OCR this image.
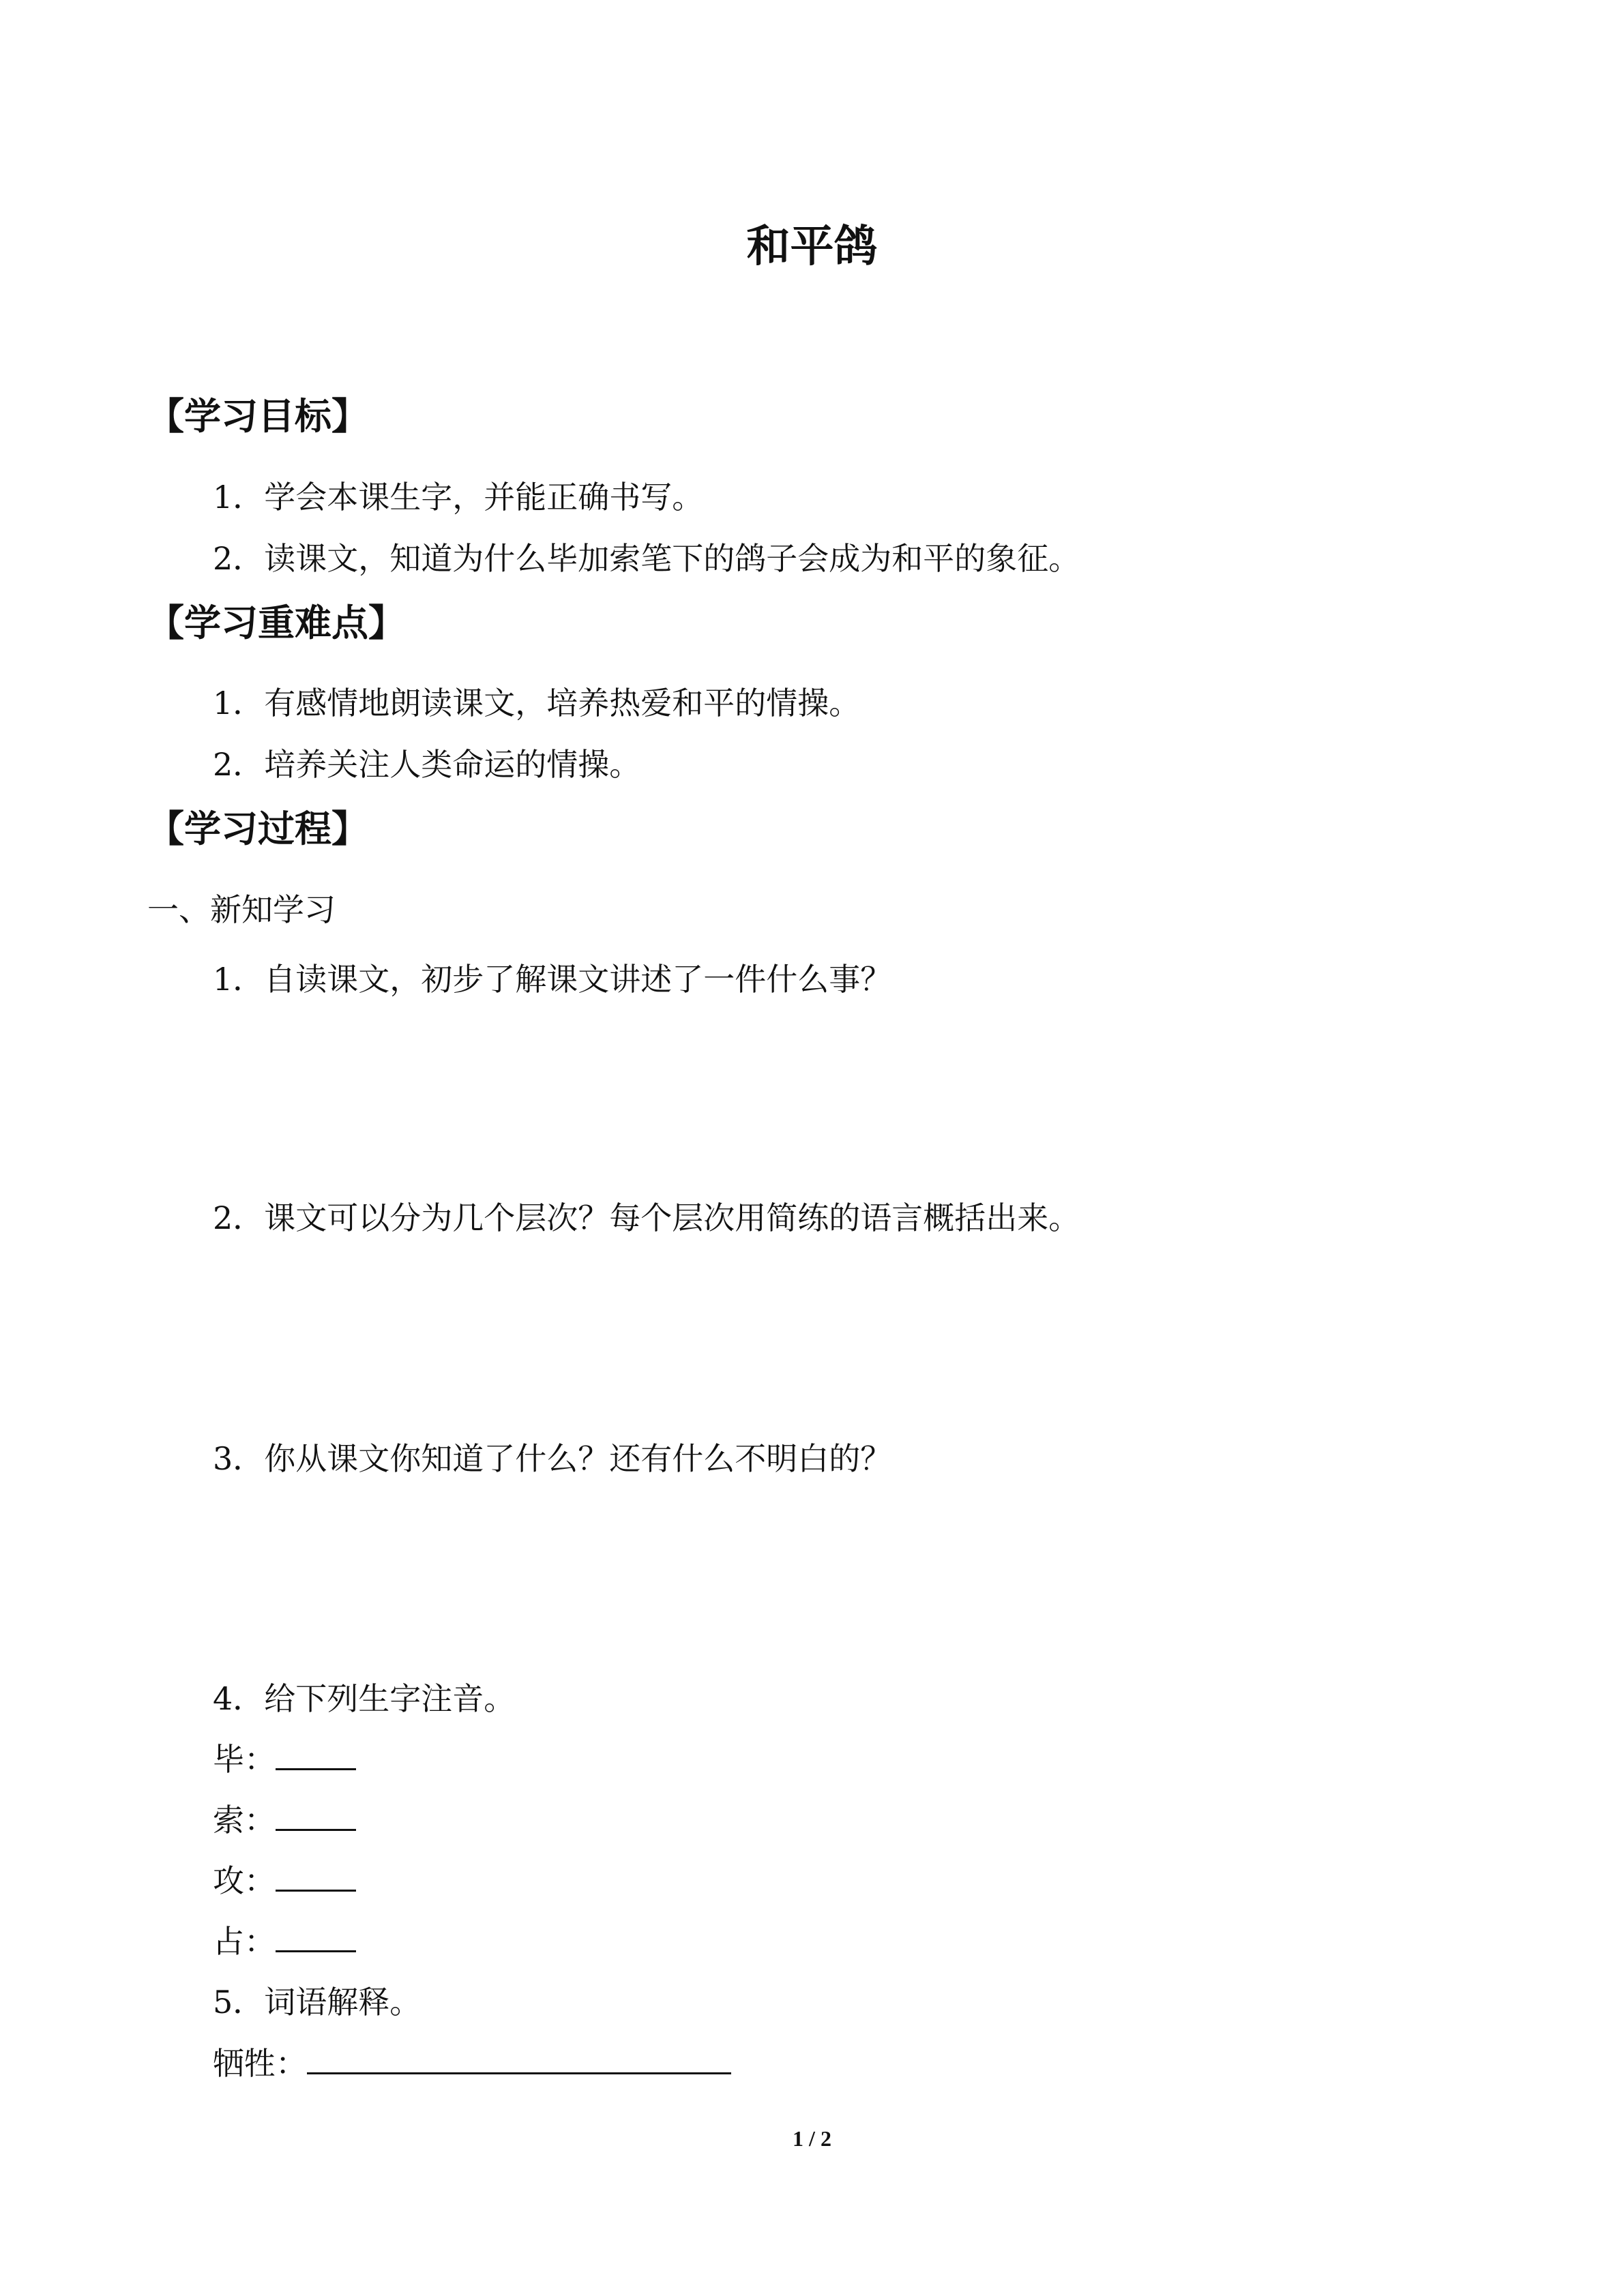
和平鸽
【学习目标】
1．学会本课生字，并能正确书写。
2．读课文，知道为什么毕加索笔下的鸽子会成为和平的象征。
【学习重难点】
1．有感情地朗读课文，培养热爱和平的情操。
2．培养关注人类命运的情操。
【学习过程】
一、新知学习
1．自读课文，初步了解课文讲述了一件什么事？
2．课文可以分为几个层次？每个层次用简练的语言概括出来。
3．你从课文你知道了什么？还有什么不明白的？
4．给下列生字注音。
毕：
索：
攻：
占：
5．词语解释。
牺牲：
1 / 2
